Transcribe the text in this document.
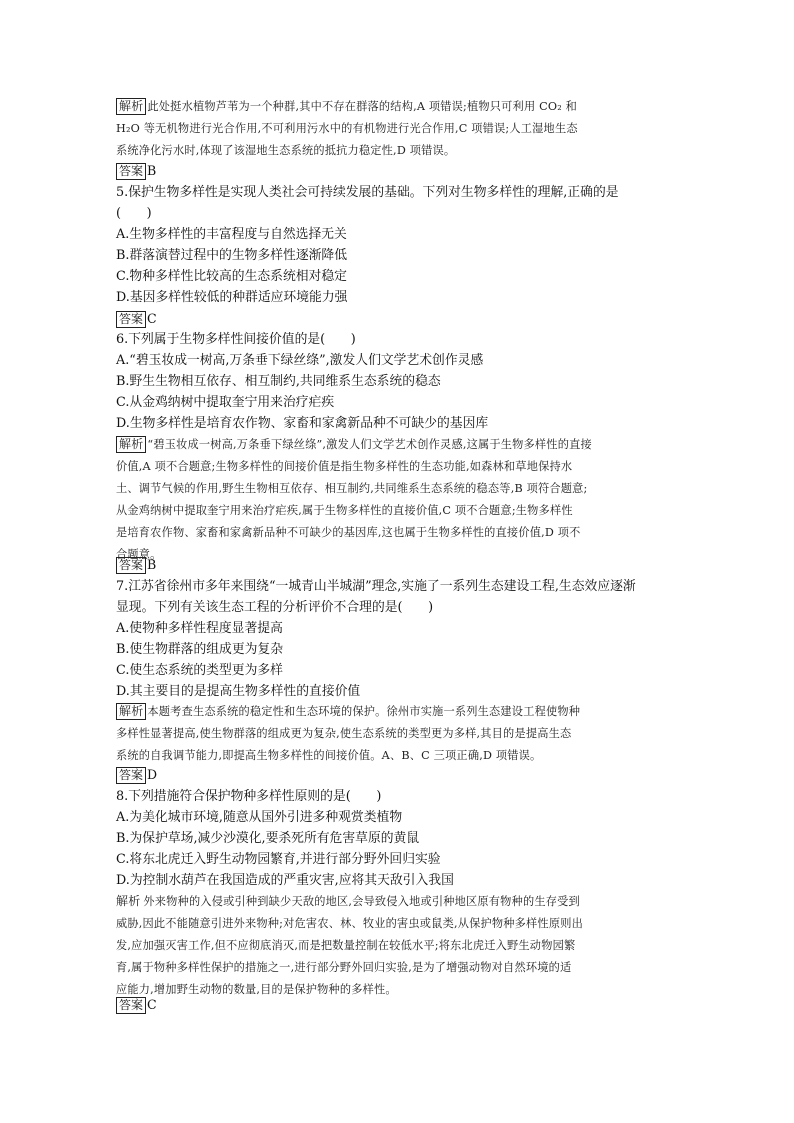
解析 此处挺水植物芦苇为一个种群,其中不存在群落的结构,A 项错误;植物只可利用 CO₂ 和
H₂O 等无机物进行光合作用,不可利用污水中的有机物进行光合作用,C 项错误;人工湿地生态
系统净化污水时,体现了该湿地生态系统的抵抗力稳定性,D 项错误。
答案 B
5.保护生物多样性是实现人类社会可持续发展的基础。下列对生物多样性的理解,正确的是
(　　)
A.生物多样性的丰富程度与自然选择无关
B.群落演替过程中的生物多样性逐渐降低
C.物种多样性比较高的生态系统相对稳定
D.基因多样性较低的种群适应环境能力强
答案 C
6.下列属于生物多样性间接价值的是(　　)
A.“碧玉妆成一树高,万条垂下绿丝绦”,激发人们文学艺术创作灵感
B.野生生物相互依存、相互制约,共同维系生态系统的稳态
C.从金鸡纳树中提取奎宁用来治疗疟疾
D.生物多样性是培育农作物、家畜和家禽新品种不可缺少的基因库
解析 “碧玉妆成一树高,万条垂下绿丝绦”,激发人们文学艺术创作灵感,这属于生物多样性的直接
价值,A 项不合题意;生物多样性的间接价值是指生物多样性的生态功能,如森林和草地保持水
土、调节气候的作用,野生生物相互依存、相互制约,共同维系生态系统的稳态等,B 项符合题意;
从金鸡纳树中提取奎宁用来治疗疟疾,属于生物多样性的直接价值,C 项不合题意;生物多样性
是培育农作物、家畜和家禽新品种不可缺少的基因库,这也属于生物多样性的直接价值,D 项不
合题意。
答案 B
7.江苏省徐州市多年来围绕“一城青山半城湖”理念,实施了一系列生态建设工程,生态效应逐渐
显现。下列有关该生态工程的分析评价不合理的是(　　)
A.使物种多样性程度显著提高
B.使生物群落的组成更为复杂
C.使生态系统的类型更为多样
D.其主要目的是提高生物多样性的直接价值
解析 本题考查生态系统的稳定性和生态环境的保护。徐州市实施一系列生态建设工程使物种
多样性显著提高,使生物群落的组成更为复杂,使生态系统的类型更为多样,其目的是提高生态
系统的自我调节能力,即提高生物多样性的间接价值。A、B、C 三项正确,D 项错误。
答案 D
8.下列措施符合保护物种多样性原则的是(　　)
A.为美化城市环境,随意从国外引进多种观赏类植物
B.为保护草场,减少沙漠化,要杀死所有危害草原的黄鼠
C.将东北虎迁入野生动物园繁育,并进行部分野外回归实验
D.为控制水葫芦在我国造成的严重灾害,应将其天敌引入我国
解析 外来物种的入侵或引种到缺少天敌的地区,会导致侵入地或引种地区原有物种的生存受到
威胁,因此不能随意引进外来物种;对危害农、林、牧业的害虫或鼠类,从保护物种多样性原则出
发,应加强灭害工作,但不应彻底消灭,而是把数量控制在较低水平;将东北虎迁入野生动物园繁
育,属于物种多样性保护的措施之一,进行部分野外回归实验,是为了增强动物对自然环境的适
应能力,增加野生动物的数量,目的是保护物种的多样性。
答案 C
